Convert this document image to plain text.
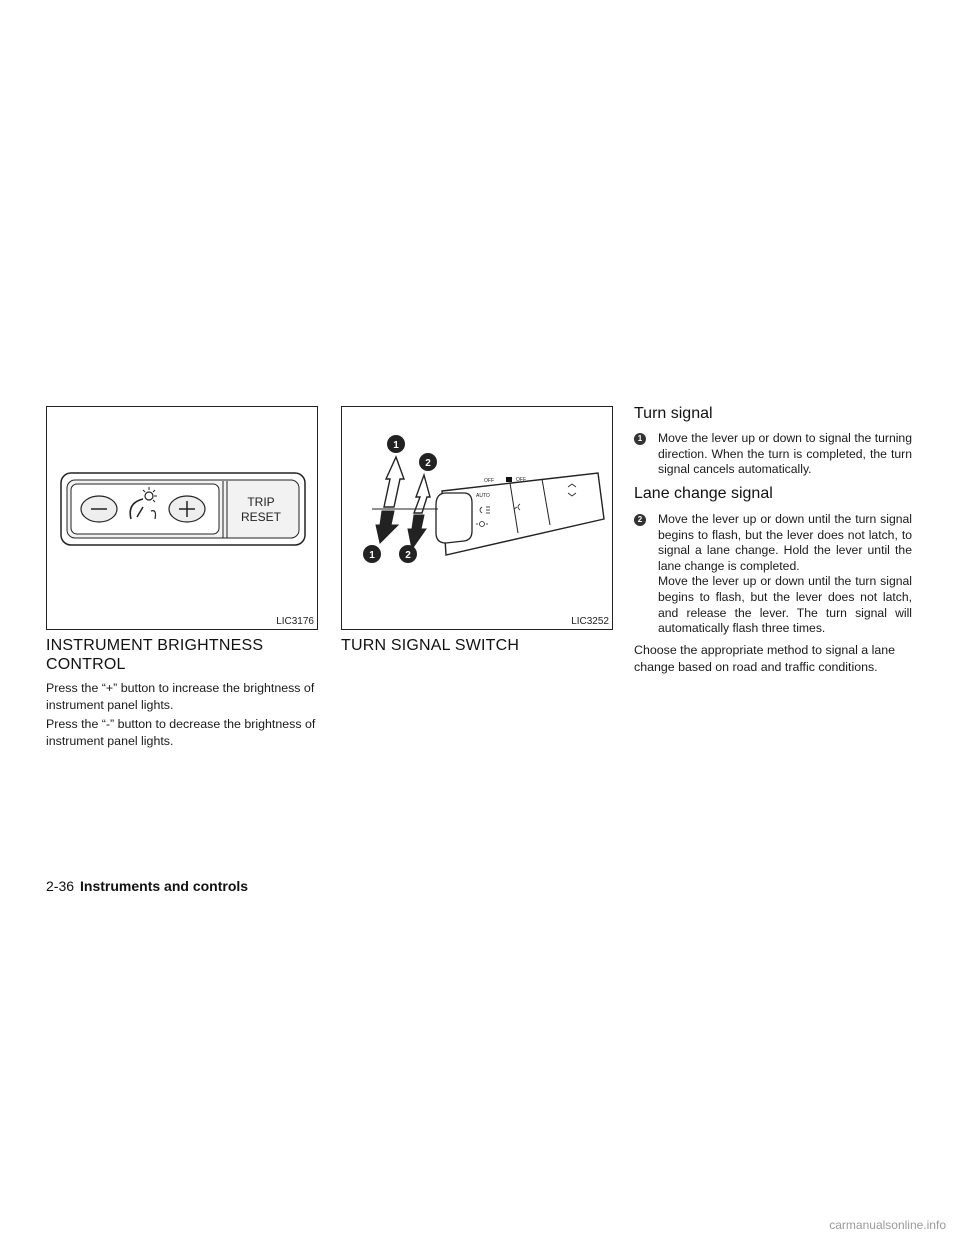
TRIP
RESET
LIC3176
OFF	OFF
AUTO
1
2
1	2
LIC3252
INSTRUMENT BRIGHTNESS
CONTROL

Press the “+” button to increase the brightness of instrument panel lights.

Press the “-” button to decrease the brightness of instrument panel lights.

TURN SIGNAL SWITCH
Turn signal
1	Move the lever up or down to signal the turning direction. When the turn is completed, the turn signal cancels automatically.
Lane change signal
2	Move the lever up or down until the turn signal begins to flash, but the lever does not latch, to signal a lane change. Hold the lever until the lane change is completed.
Move the lever up or down until the turn signal begins to flash, but the lever does not latch, and release the lever. The turn signal will automatically flash three times.

Choose the appropriate method to signal a lane change based on road and traffic conditions.

2-36 Instruments and controls
carmanualsonline.info
